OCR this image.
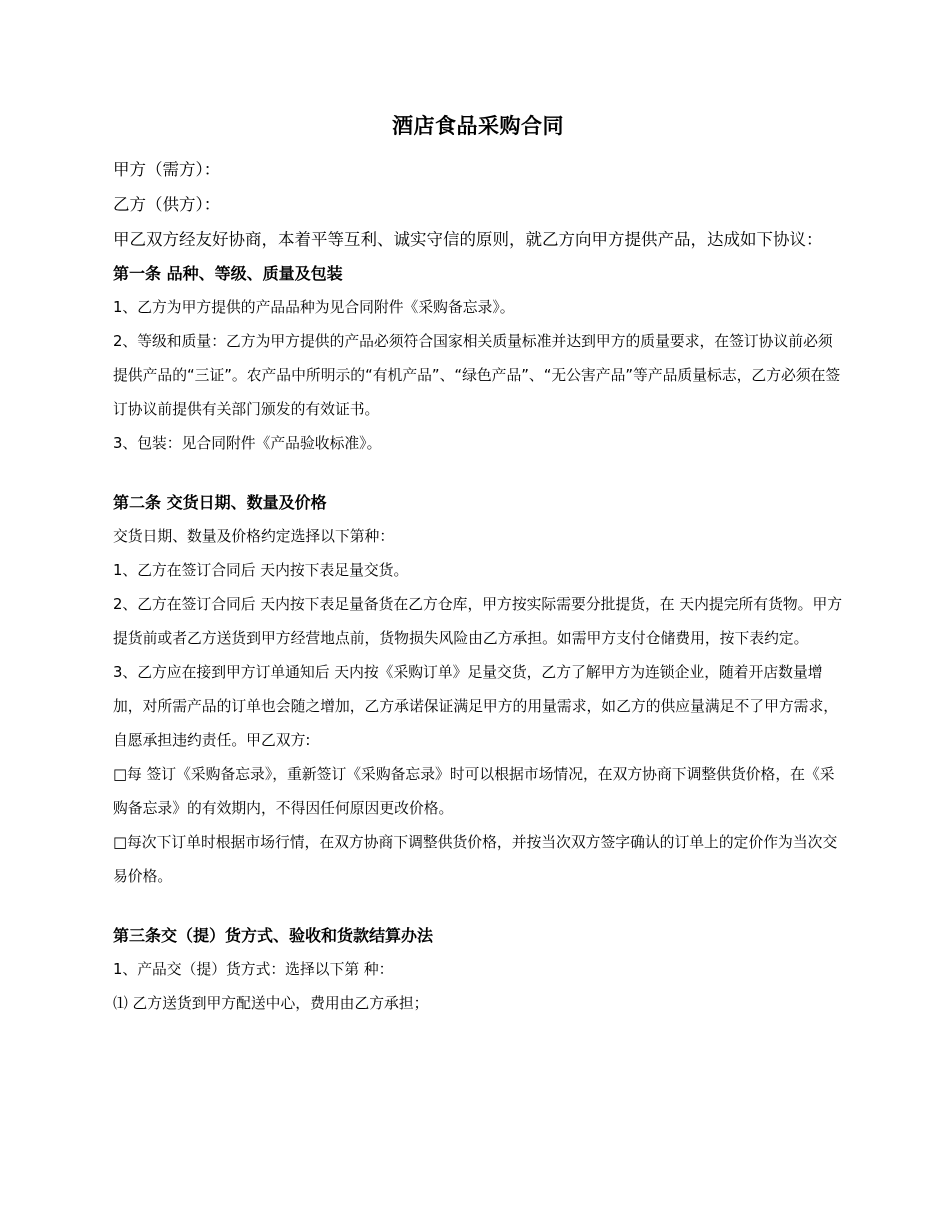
酒店食品采购合同

甲方（需方）：

乙方（供方）：

甲乙双方经友好协商，本着平等互利、诚实守信的原则，就乙方向甲方提供产品，达成如下协议：

第一条 品种、等级、质量及包装

1、乙方为甲方提供的产品品种为见合同附件《采购备忘录》。

2、等级和质量：乙方为甲方提供的产品必须符合国家相关质量标准并达到甲方的质量要求，在签订协议前必须提供产品的“三证”。农产品中所明示的“有机产品”、“绿色产品”、“无公害产品”等产品质量标志，乙方必须在签订协议前提供有关部门颁发的有效证书。

3、包装：见合同附件《产品验收标准》。

第二条 交货日期、数量及价格

交货日期、数量及价格约定选择以下第种：

1、乙方在签订合同后 天内按下表足量交货。

2、乙方在签订合同后 天内按下表足量备货在乙方仓库，甲方按实际需要分批提货，在 天内提完所有货物。甲方提货前或者乙方送货到甲方经营地点前，货物损失风险由乙方承担。如需甲方支付仓储费用，按下表约定。

3、乙方应在接到甲方订单通知后 天内按《采购订单》足量交货，乙方了解甲方为连锁企业，随着开店数量增加，对所需产品的订单也会随之增加，乙方承诺保证满足甲方的用量需求，如乙方的供应量满足不了甲方需求，自愿承担违约责任。甲乙双方:

□每 签订《采购备忘录》，重新签订《采购备忘录》时可以根据市场情况，在双方协商下调整供货价格，在《采购备忘录》的有效期内，不得因任何原因更改价格。

□每次下订单时根据市场行情，在双方协商下调整供货价格，并按当次双方签字确认的订单上的定价作为当次交易价格。

第三条交（提）货方式、验收和货款结算办法

1、产品交（提）货方式：选择以下第 种：

⑴ 乙方送货到甲方配送中心，费用由乙方承担；
